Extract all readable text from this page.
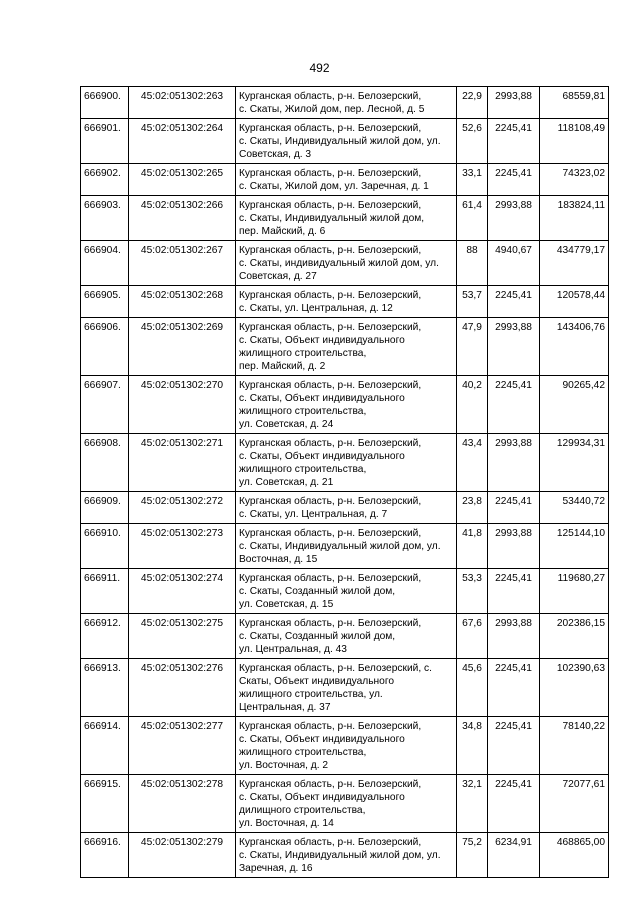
492
666900.	45:02:051302:263	Курганская область, р-н. Белозерский,
с. Скаты, Жилой дом, пер. Лесной, д. 5	22,9	2993,88	68559,81
666901.	45:02:051302:264	Курганская область, р-н. Белозерский,
с. Скаты, Индивидуальный жилой дом, ул.
Советская, д. 3	52,6	2245,41	118108,49
666902.	45:02:051302:265	Курганская область, р-н. Белозерский,
с. Скаты, Жилой дом, ул. Заречная, д. 1	33,1	2245,41	74323,02
666903.	45:02:051302:266	Курганская область, р-н. Белозерский,
с. Скаты, Индивидуальный жилой дом,
пер. Майский, д. 6	61,4	2993,88	183824,11
666904.	45:02:051302:267	Курганская область, р-н. Белозерский,
с. Скаты, индивидуальный жилой дом, ул.
Советская, д. 27	88	4940,67	434779,17
666905.	45:02:051302:268	Курганская область, р-н. Белозерский,
с. Скаты, ул. Центральная, д. 12	53,7	2245,41	120578,44
666906.	45:02:051302:269	Курганская область, р-н. Белозерский,
с. Скаты, Объект индивидуального
жилищного строительства,
пер. Майский, д. 2	47,9	2993,88	143406,76
666907.	45:02:051302:270	Курганская область, р-н. Белозерский,
с. Скаты, Объект индивидуального
жилищного строительства,
ул. Советская, д. 24	40,2	2245,41	90265,42
666908.	45:02:051302:271	Курганская область, р-н. Белозерский,
с. Скаты, Объект индивидуального
жилищного строительства,
ул. Советская, д. 21	43,4	2993,88	129934,31
666909.	45:02:051302:272	Курганская область, р-н. Белозерский,
с. Скаты, ул. Центральная, д. 7	23,8	2245,41	53440,72
666910.	45:02:051302:273	Курганская область, р-н. Белозерский,
с. Скаты, Индивидуальный жилой дом, ул.
Восточная, д. 15	41,8	2993,88	125144,10
666911.	45:02:051302:274	Курганская область, р-н. Белозерский,
с. Скаты, Созданный жилой дом,
ул. Советская, д. 15	53,3	2245,41	119680,27
666912.	45:02:051302:275	Курганская область, р-н. Белозерский,
с. Скаты, Созданный жилой дом,
ул. Центральная, д. 43	67,6	2993,88	202386,15
666913.	45:02:051302:276	Курганская область, р-н. Белозерский, с.
Скаты, Объект индивидуального
жилищного строительства, ул.
Центральная, д. 37	45,6	2245,41	102390,63
666914.	45:02:051302:277	Курганская область, р-н. Белозерский,
с. Скаты, Объект индивидуального
жилищного строительства,
ул. Восточная, д. 2	34,8	2245,41	78140,22
666915.	45:02:051302:278	Курганская область, р-н. Белозерский,
с. Скаты, Объект индивидуального
дилищного строительства,
ул. Восточная, д. 14	32,1	2245,41	72077,61
666916.	45:02:051302:279	Курганская область, р-н. Белозерский,
с. Скаты, Индивидуальный жилой дом, ул.
Заречная, д. 16	75,2	6234,91	468865,00
